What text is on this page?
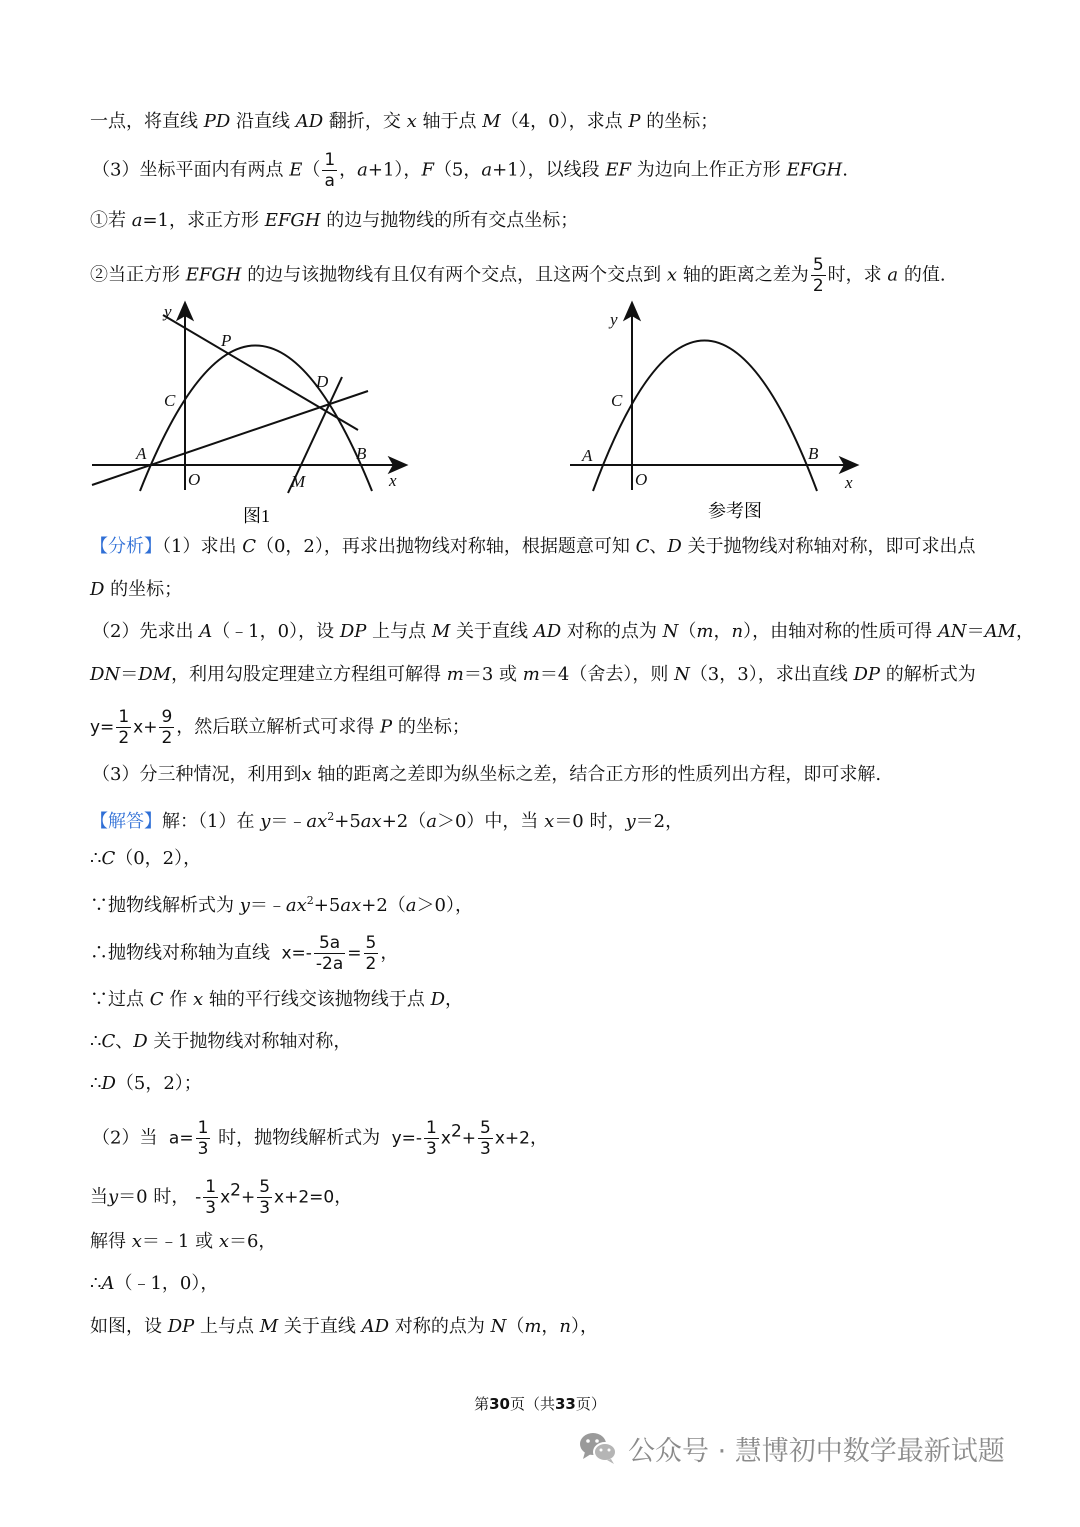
一点，将直线 PD 沿直线 AD 翻折，交 x 轴于点 M（4，0），求点 P 的坐标；
（3）坐标平面内有两点 $E( \frac{1}{a}$ ，a+1），F（5，a+1），以线段 EF 为边向上作正方形 EFGH.
①若 a=1，求正方形 EFGH 的边与抛物线的所有交点坐标；
②当正方形 EFGH 的边与该抛物线有且仅有两个交点，且这两个交点到 x 轴的距离之差为 $\frac{5}{2}$ 时，求 a 的值.
y
P
D
C
A
O	M
B
x
图1
y
C
A
O
B
x
参考图
【分析】（1）求出 C（0，2），再求出抛物线对称轴，根据题意可知 C、D 关于抛物线对称轴对称，即可求出点
D 的坐标；
（2）先求出 A（﹣1，0），设 DP 上与点 M 关于直线 AD 对称的点为 N（m，n），由轴对称的性质可得 AN＝AM，
DN＝DM，利用勾股定理建立方程组可解得 m＝3 或 m＝4（舍去），则 N（3，3），求出直线 DP 的解析式为
$y= \frac{1}{2} x+ \frac{9}{2}$ ，然后联立解析式可求得 P 的坐标；
（3）分三种情况，利用到x 轴的距离之差即为纵坐标之差，结合正方形的性质列出方程，即可求解.
【解答】解：（1）在 $y=﹣ax^2+5ax+2(a>0)$中，当 x＝0 时，y＝2，
∴C（0，2），
∵抛物线解析式为 $y=﹣ax^2+5ax+2(a>0)$，
∴抛物线对称轴为直线 $x=- \frac{5a}{-2a} = \frac{5}{2}$ ，
∵过点 C 作 x 轴的平行线交该抛物线于点 D，
∴C、D 关于抛物线对称轴对称，
∴D（5，2）；
（2）当 $a= \frac{1}{3}$ 时，抛物线解析式为 $y=- \frac{1}{3} x^2+ \frac{5}{3} x+2$，
当y＝0 时， - $\frac{1}{3} x^2+ \frac{5}{3} x+2=0$，
解得 x＝﹣1 或 x＝6，
∴A（﹣1，0），
如图，设 DP 上与点 M 关于直线 AD 对称的点为 N（m，n），
第30页（共33页）
公众号 · 慧博初中数学最新试题
